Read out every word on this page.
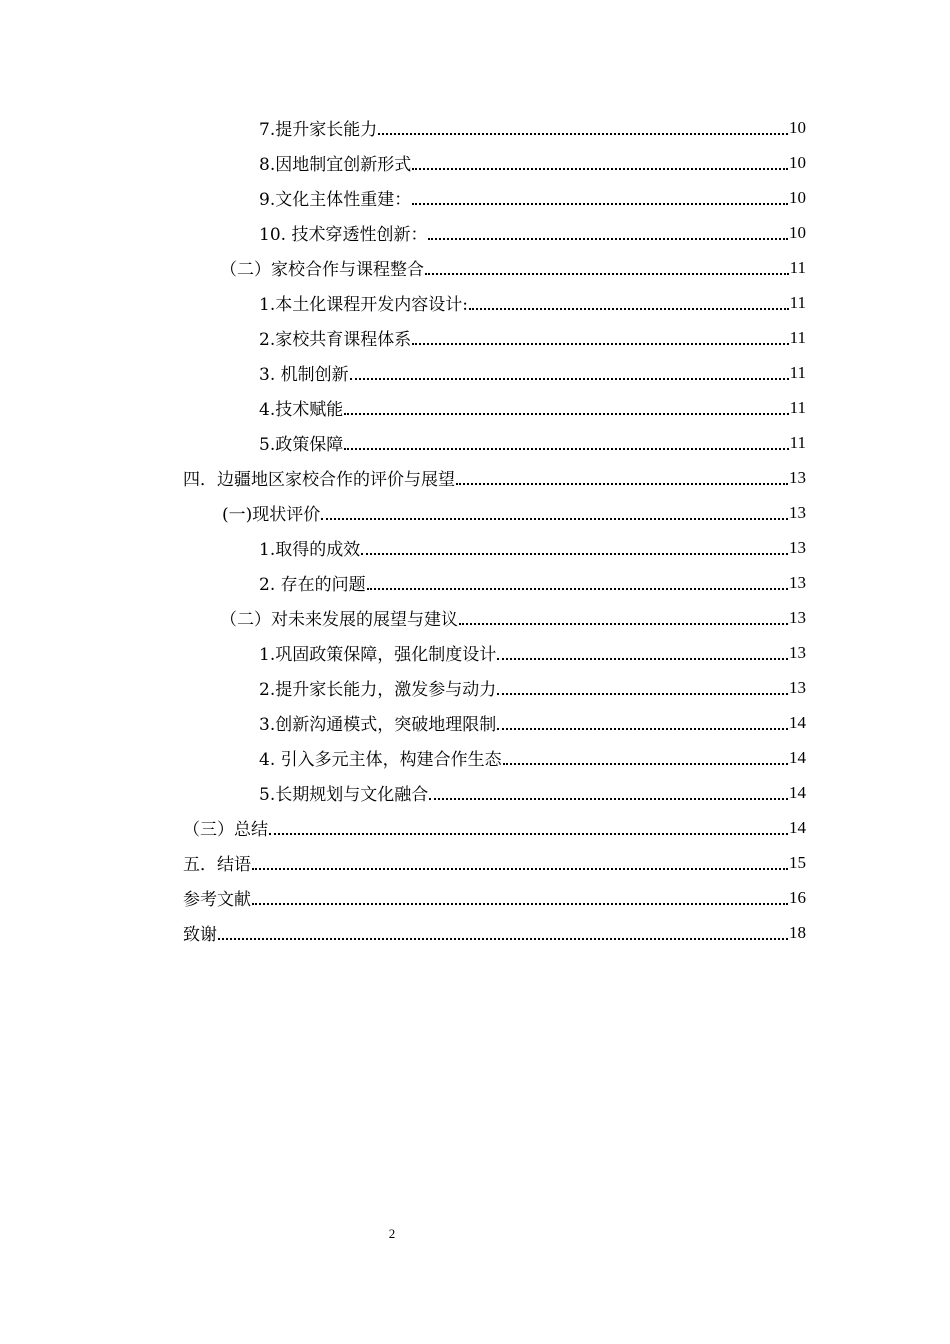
7.提升家长能力	10
8.因地制宜创新形式	10
9.文化主体性重建：	10
10. 技术穿透性创新：	10
（二）家校合作与课程整合	11
1.本土化课程开发内容设计:	11
2.家校共育课程体系	11
3. 机制创新	11
4.技术赋能	11
5.政策保障	11
四．边疆地区家校合作的评价与展望	13
(一)现状评价	13
1.取得的成效	13
2. 存在的问题	13
（二）对未来发展的展望与建议	13
1.巩固政策保障，强化制度设计	13
2.提升家长能力，激发参与动力	13
3.创新沟通模式，突破地理限制	14
4. 引入多元主体，构建合作生态	14
5.长期规划与文化融合	14
（三）总结	14
五．结语	15
参考文献	16
致谢	18
2
